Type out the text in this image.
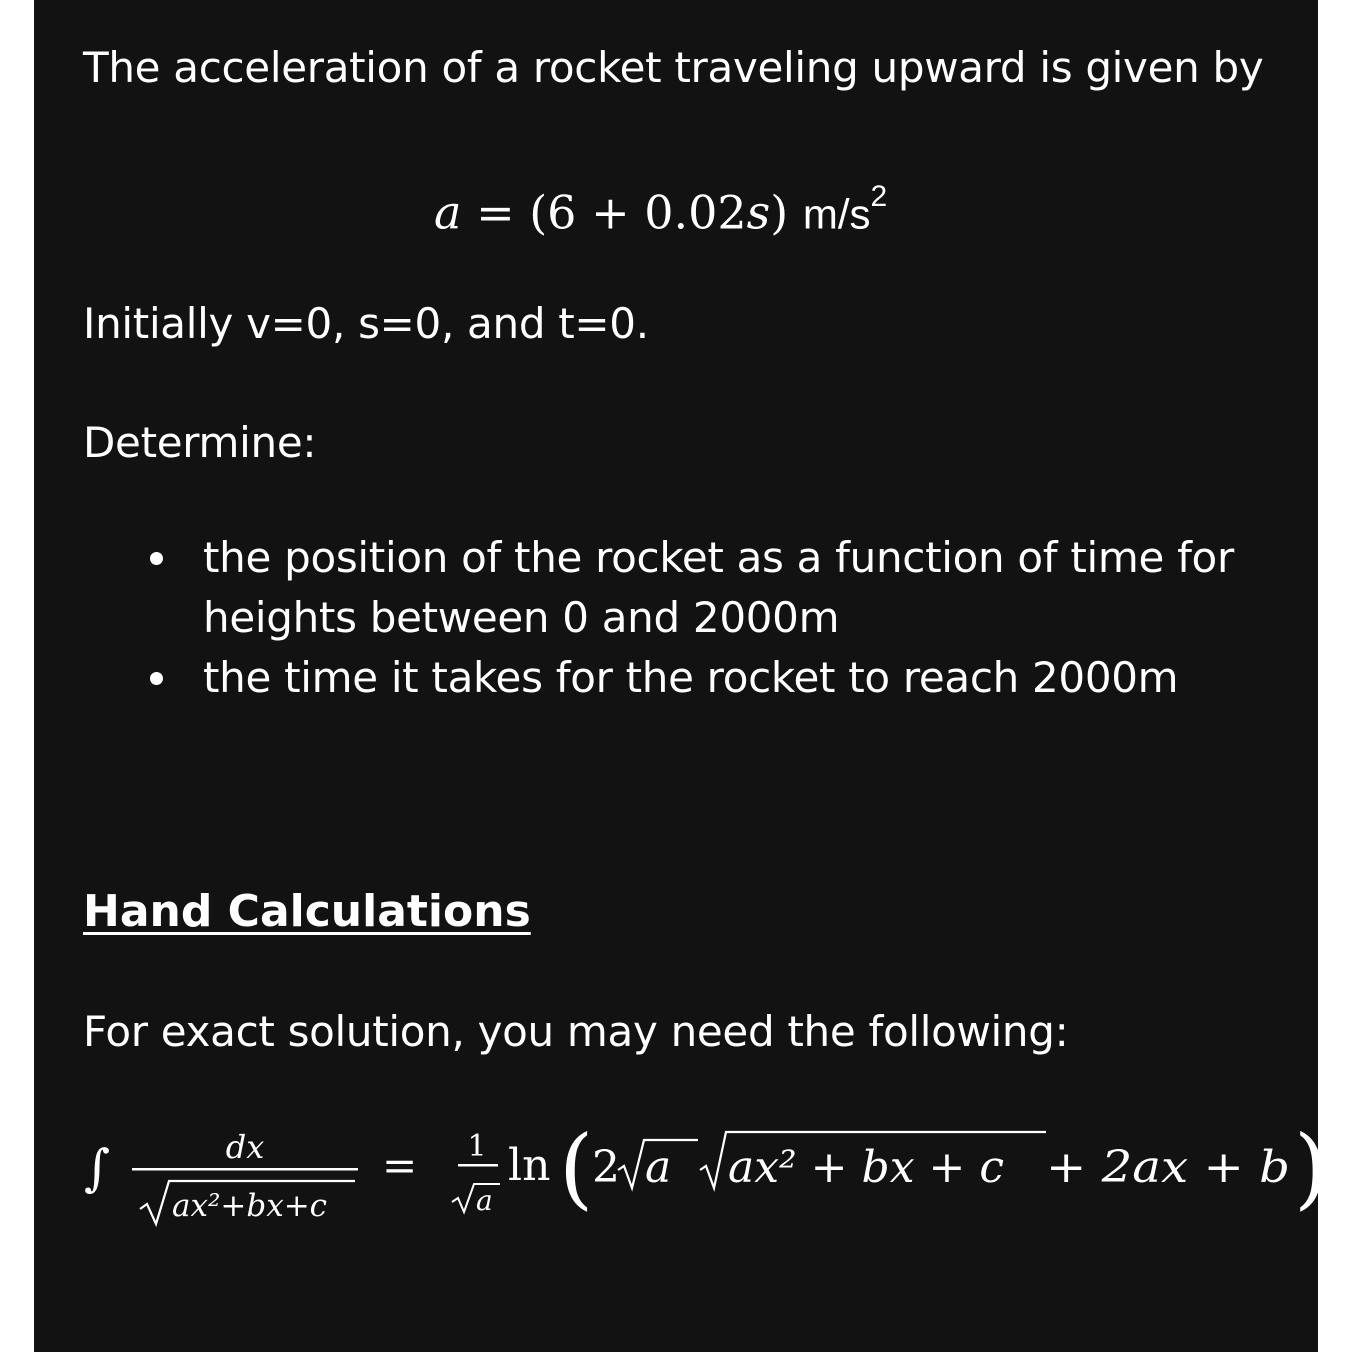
The acceleration of a rocket traveling upward is given by
a = (6 + 0.02s) $m/s^2$
Initially v=0, s=0, and t=0.
Determine:
the position of the rocket as a function of time for heights between 0 and 2000m
the time it takes for the rocket to reach 2000m
Hand Calculations
For exact solution, you may need the following:
∫	dx
ax²+bx+c
= 1
a
ln (
2 a ax² + bx + c + 2ax + b )
